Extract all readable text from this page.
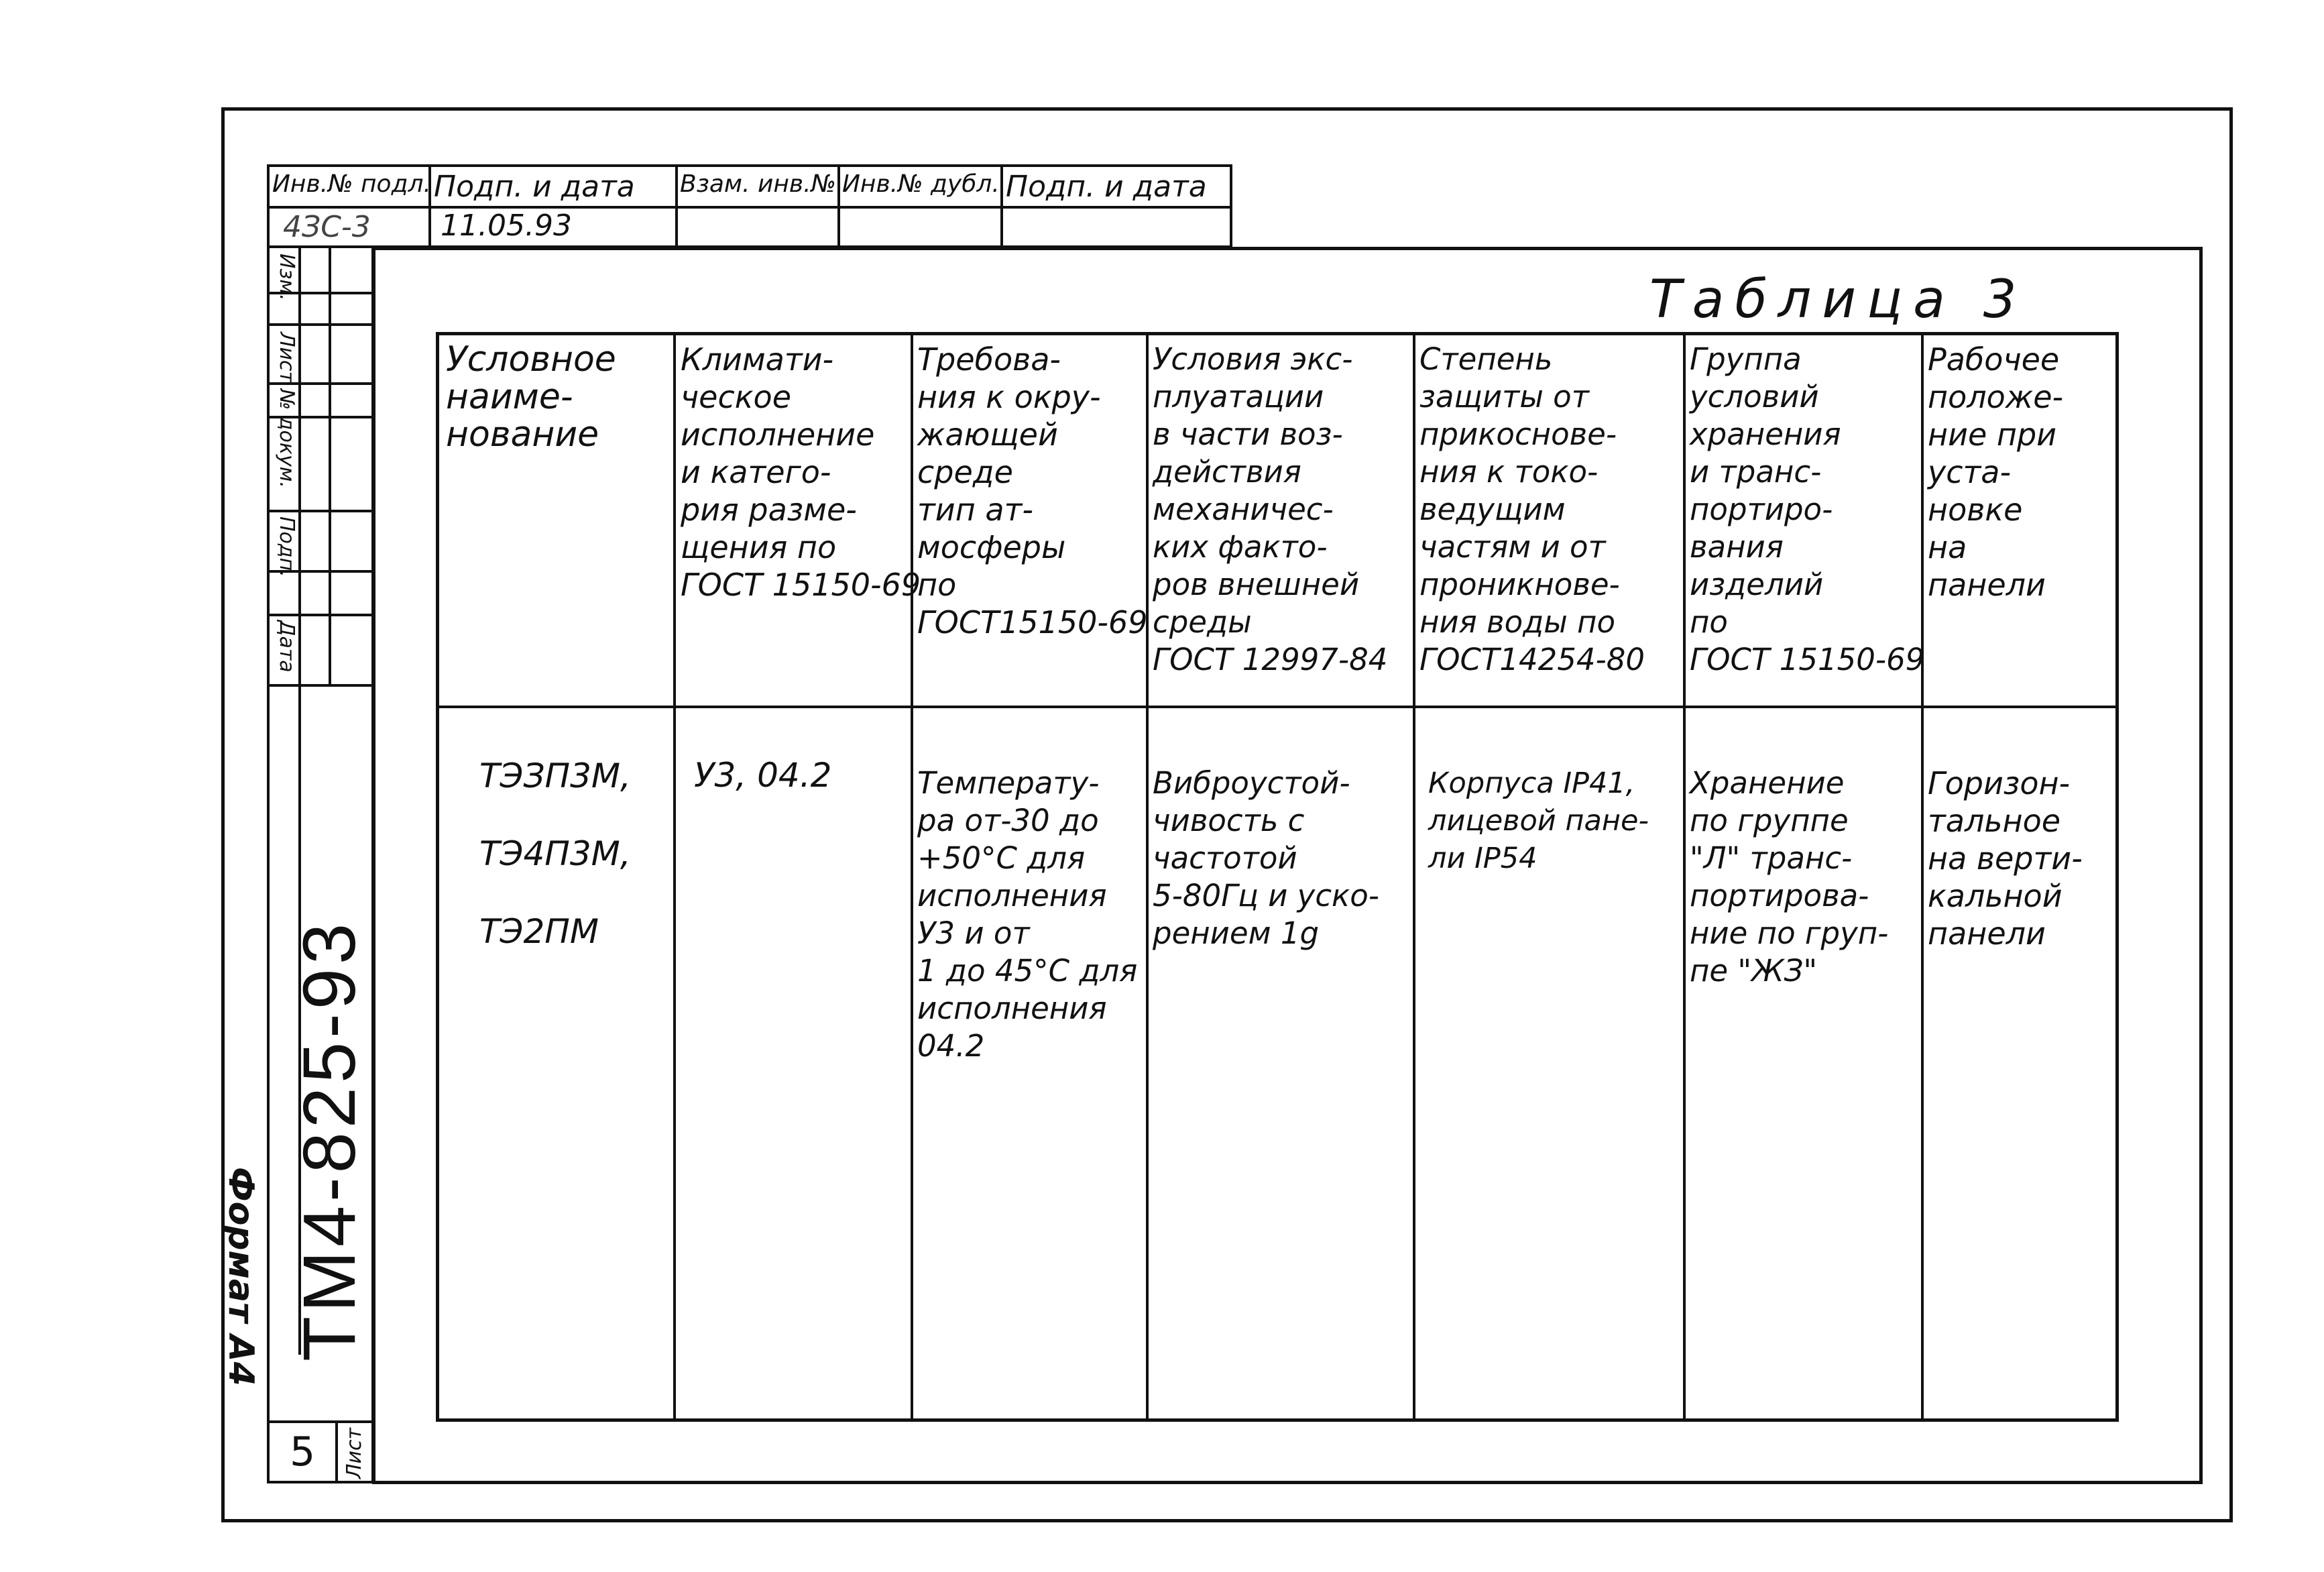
Инв.№ подл. Подп. и дата Взам. инв.№ Инв.№ дубл. Подп. и дата
4ЗС-3 11.05.93
Изм.
Лист
№ докум.
Подп.
Дата
ТМ4-825-93
5 Лист
Формат А4
Таблица 3
Условное
наиме-
нование
Климати-
ческое
исполнение
и катего-
рия разме-
щения по
ГОСТ 15150-69
Требова-
ния к окру-
жающей
среде
тип ат-
мосферы
по
ГОСТ15150-69
Условия экс-
плуатации
в части воз-
действия
механичес-
ких факто-
ров внешней
среды
ГОСТ 12997-84
Степень
защиты от
прикоснове-
ния к токо-
ведущим
частям и от
проникнове-
ния воды по
ГОСТ14254-80
Группа
условий
хранения
и транс-
портиро-
вания
изделий
по
ГОСТ 15150-69
Рабочее
положе-
ние при
уста-
новке
на
панели
ТЭЗП3М,

ТЭ4П3М,

ТЭ2ПМ
У3, 04.2	Температу-
ра от-30 до
+50°С для
исполнения
У3 и от
1 до 45°С для
исполнения
04.2
Виброустой-
чивость с
частотой
5-80Гц и уско-
рением 1g
Корпуса IP41,
лицевой пане-
ли IP54
Хранение
по группе
"Л" транс-
портирова-
ние по груп-
пе "ЖЗ"
Горизон-
тальное
на верти-
кальной
панели
